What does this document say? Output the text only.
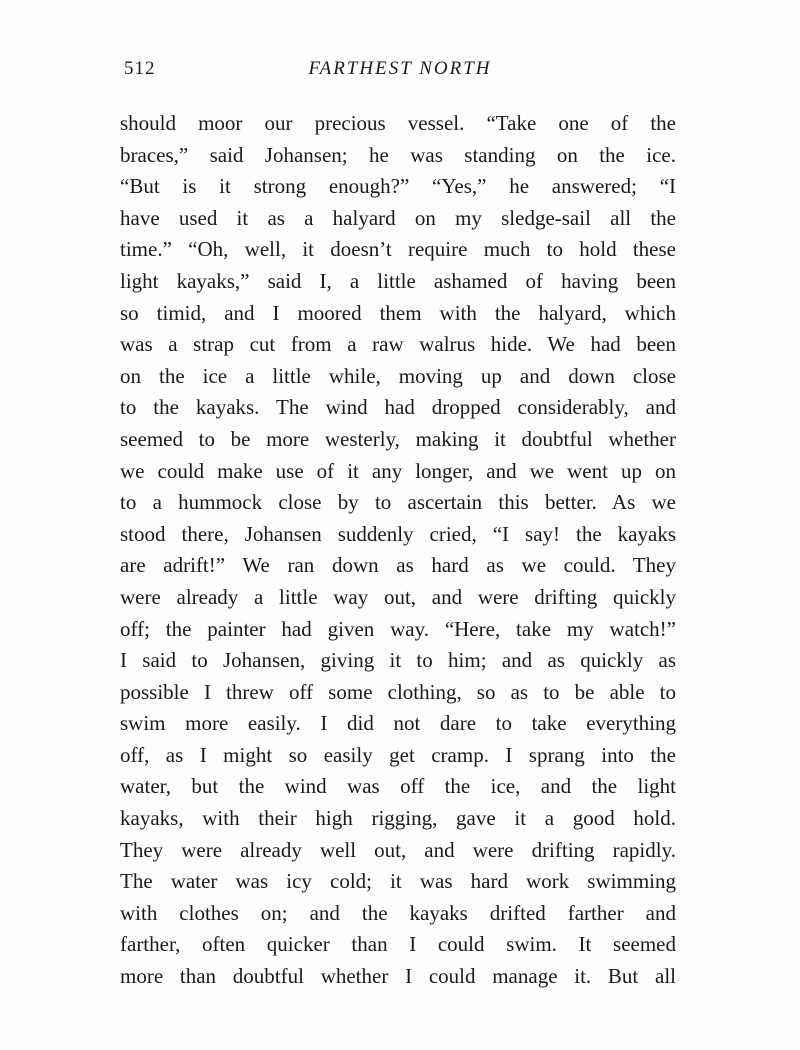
512	FARTHEST NORTH
should moor our precious vessel. “Take one of the
braces,” said Johansen; he was standing on the ice.
“But is it strong enough?” “Yes,” he answered; “I
have used it as a halyard on my sledge-sail all the
time.” “Oh, well, it doesn’t require much to hold these
light kayaks,” said I, a little ashamed of having been
so timid, and I moored them with the halyard, which
was a strap cut from a raw walrus hide. We had been
on the ice a little while, moving up and down close
to the kayaks. The wind had dropped considerably, and
seemed to be more westerly, making it doubtful whether
we could make use of it any longer, and we went up on
to a hummock close by to ascertain this better. As we
stood there, Johansen suddenly cried, “I say! the kayaks
are adrift!” We ran down as hard as we could. They
were already a little way out, and were drifting quickly
off; the painter had given way. “Here, take my watch!”
I said to Johansen, giving it to him; and as quickly as
possible I threw off some clothing, so as to be able to
swim more easily. I did not dare to take everything
off, as I might so easily get cramp. I sprang into the
water, but the wind was off the ice, and the light
kayaks, with their high rigging, gave it a good hold.
They were already well out, and were drifting rapidly.
The water was icy cold; it was hard work swimming
with clothes on; and the kayaks drifted farther and
farther, often quicker than I could swim. It seemed
more than doubtful whether I could manage it. But all
